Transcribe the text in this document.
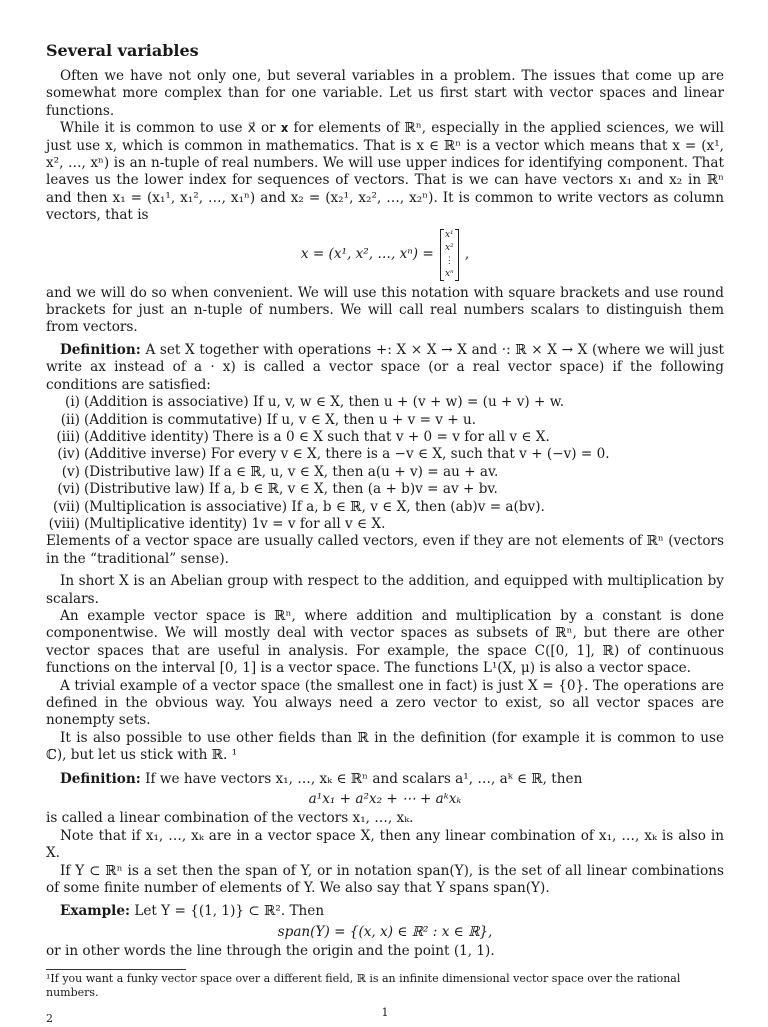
Several variables

Often we have not only one, but several variables in a problem. The issues that come up are somewhat more complex than for one variable. Let us first start with vector spaces and linear functions.

While it is common to use x⃗ or 𝐱 for elements of ℝⁿ, especially in the applied sciences, we will just use x, which is common in mathematics. That is x ∈ ℝⁿ is a vector which means that x = (x¹, x², …, xⁿ) is an n-tuple of real numbers. We will use upper indices for identifying component. That leaves us the lower index for sequences of vectors. That is we can have vectors x₁ and x₂ in ℝⁿ and then x₁ = (x₁¹, x₁², …, x₁ⁿ) and x₂ = (x₂¹, x₂², …, x₂ⁿ). It is common to write vectors as column vectors, that is

x = (x¹, x², …, xⁿ) =
x¹
x²
⋮
xⁿ
,

and we will do so when convenient. We will use this notation with square brackets and use round brackets for just an n-tuple of numbers. We will call real numbers scalars to distinguish them from vectors.

Definition: A set X together with operations +: X × X → X and ·: ℝ × X → X (where we will just write ax instead of a · x) is called a vector space (or a real vector space) if the following conditions are satisfied:

(i) (Addition is associative) If u, v, w ∈ X, then u + (v + w) = (u + v) + w.
(ii) (Addition is commutative) If u, v ∈ X, then u + v = v + u.
(iii) (Additive identity) There is a 0 ∈ X such that v + 0 = v for all v ∈ X.
(iv) (Additive inverse) For every v ∈ X, there is a −v ∈ X, such that v + (−v) = 0.
(v) (Distributive law) If a ∈ ℝ, u, v ∈ X, then a(u + v) = au + av.
(vi) (Distributive law) If a, b ∈ ℝ, v ∈ X, then (a + b)v = av + bv.
(vii) (Multiplication is associative) If a, b ∈ ℝ, v ∈ X, then (ab)v = a(bv).
(viii) (Multiplicative identity) 1v = v for all v ∈ X.

Elements of a vector space are usually called vectors, even if they are not elements of ℝⁿ (vectors in the “traditional” sense).

In short X is an Abelian group with respect to the addition, and equipped with multiplication by scalars.

An example vector space is ℝⁿ, where addition and multiplication by a constant is done componentwise. We will mostly deal with vector spaces as subsets of ℝⁿ, but there are other vector spaces that are useful in analysis. For example, the space C([0, 1], ℝ) of continuous functions on the interval [0, 1] is a vector space. The functions L¹(X, μ) is also a vector space.

A trivial example of a vector space (the smallest one in fact) is just X = {0}. The operations are defined in the obvious way. You always need a zero vector to exist, so all vector spaces are nonempty sets.

It is also possible to use other fields than ℝ in the definition (for example it is common to use ℂ), but let us stick with ℝ. ¹

Definition: If we have vectors x₁, …, xₖ ∈ ℝⁿ and scalars a¹, …, aᵏ ∈ ℝ, then

a¹x₁ + a²x₂ + ⋯ + aᵏxₖ

is called a linear combination of the vectors x₁, …, xₖ.

Note that if x₁, …, xₖ are in a vector space X, then any linear combination of x₁, …, xₖ is also in X.

If Y ⊂ ℝⁿ is a set then the span of Y, or in notation span(Y), is the set of all linear combinations of some finite number of elements of Y. We also say that Y spans span(Y).

Example: Let Y = {(1, 1)} ⊂ ℝ². Then

span(Y) = {(x, x) ∈ ℝ² : x ∈ ℝ},

or in other words the line through the origin and the point (1, 1).

¹If you want a funky vector space over a different field, ℝ is an infinite dimensional vector space over the rational numbers.
1
2
